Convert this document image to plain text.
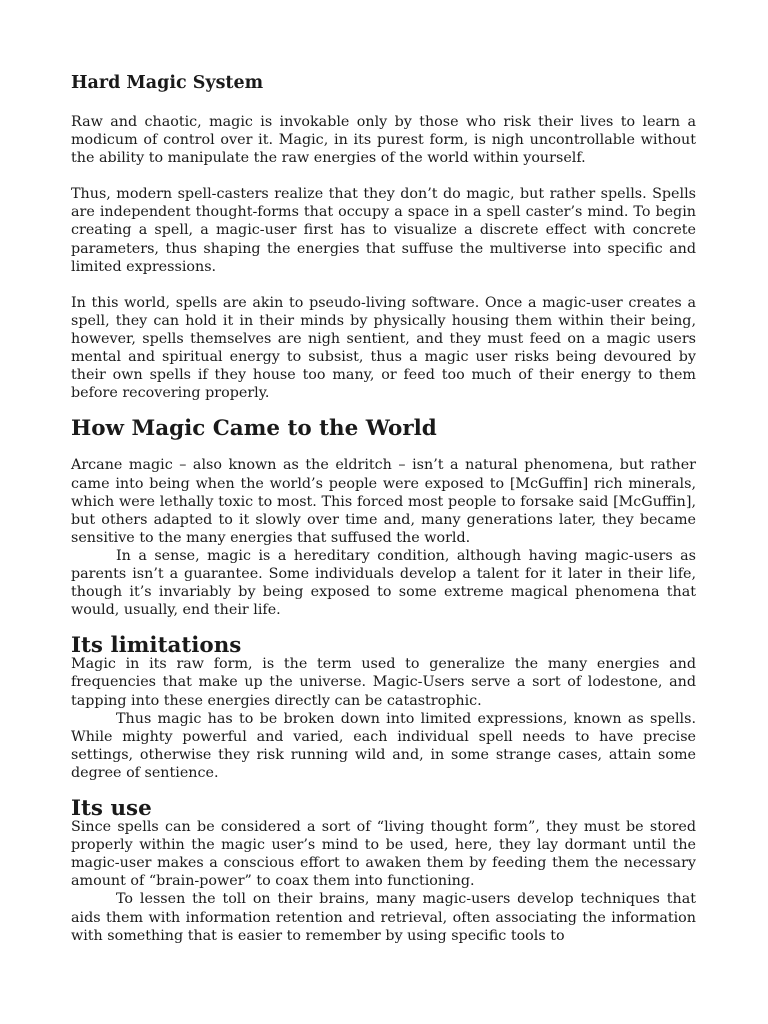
Hard Magic System

Raw and chaotic, magic is invokable only by those who risk their lives to learn a modicum of control over it. Magic, in its purest form, is nigh uncontrollable without the ability to manipulate the raw energies of the world within yourself.

Thus, modern spell-casters realize that they don’t do magic, but rather spells. Spells are independent thought-forms that occupy a space in a spell caster’s mind. To begin creating a spell, a magic-user first has to visualize a discrete effect with concrete parameters, thus shaping the energies that suffuse the multiverse into specific and limited expressions.

In this world, spells are akin to pseudo-living software. Once a magic-user creates a spell, they can hold it in their minds by physically housing them within their being, however, spells themselves are nigh sentient, and they must feed on a magic users mental and spiritual energy to subsist, thus a magic user risks being devoured by their own spells if they house too many, or feed too much of their energy to them before recovering properly.

How Magic Came to the World

Arcane magic – also known as the eldritch – isn’t a natural phenomena, but rather came into being when the world’s people were exposed to [McGuffin] rich minerals, which were lethally toxic to most. This forced most people to forsake said [McGuffin], but others adapted to it slowly over time and, many generations later, they became sensitive to the many energies that suffused the world.

In a sense, magic is a hereditary condition, although having magic-users as parents isn’t a guarantee. Some individuals develop a talent for it later in their life, though it’s invariably by being exposed to some extreme magical phenomena that would, usually, end their life.

Its limitations

Magic in its raw form, is the term used to generalize the many energies and frequencies that make up the universe. Magic-Users serve a sort of lodestone, and tapping into these energies directly can be catastrophic.

Thus magic has to be broken down into limited expressions, known as spells. While mighty powerful and varied, each individual spell needs to have precise settings, otherwise they risk running wild and, in some strange cases, attain some degree of sentience.

Its use

Since spells can be considered a sort of “living thought form”, they must be stored properly within the magic user’s mind to be used, here, they lay dormant until the magic-user makes a conscious effort to awaken them by feeding them the necessary amount of “brain-power” to coax them into functioning.

To lessen the toll on their brains, many magic-users develop techniques that aids them with information retention and retrieval, often associating the information with something that is easier to remember by using specific tools to
